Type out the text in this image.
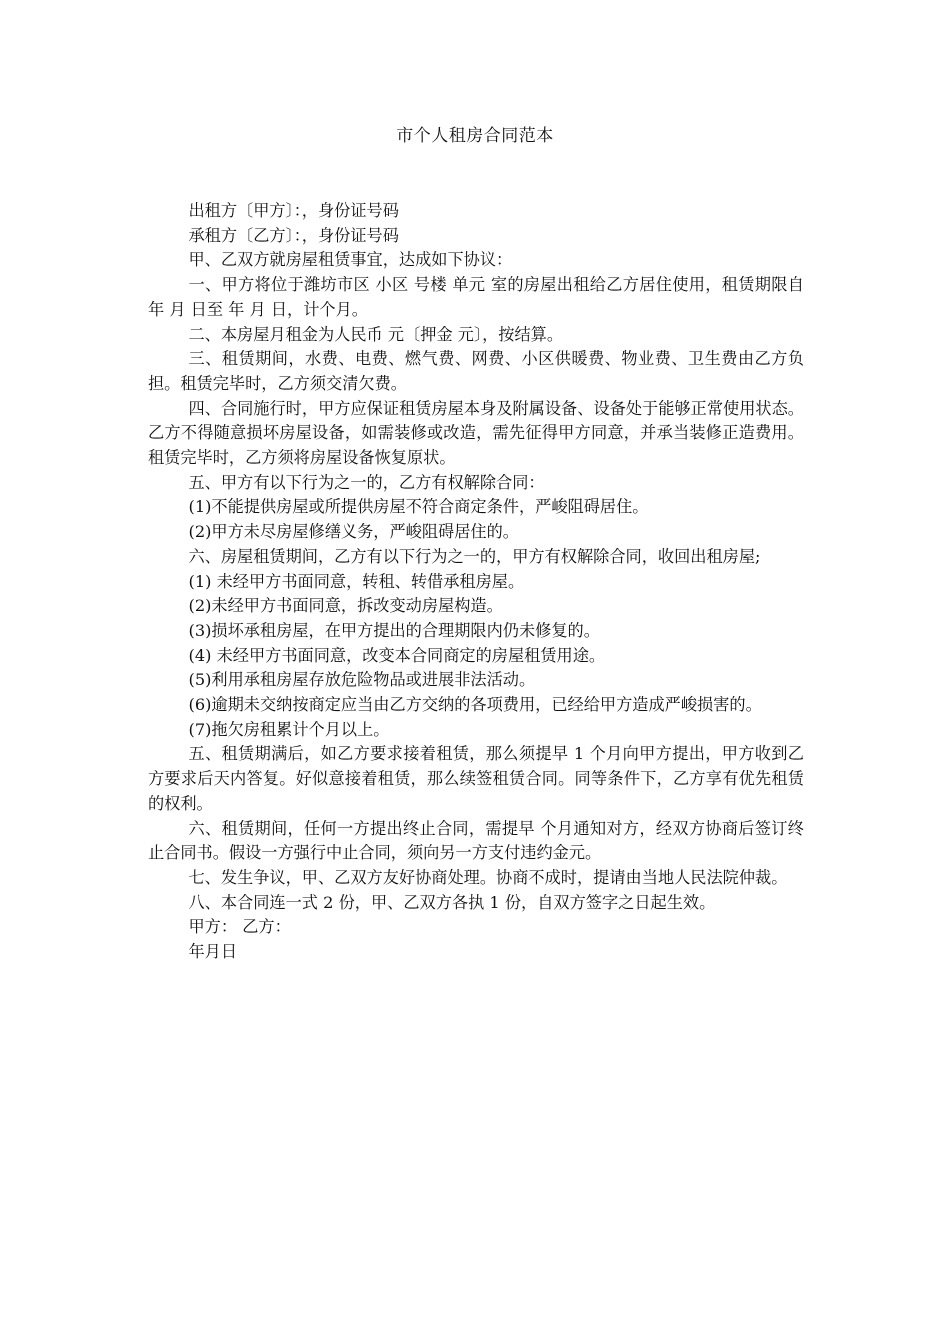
市个人租房合同范本

出租方〔甲方〕：，身份证号码

承租方〔乙方〕：，身份证号码

甲、乙双方就房屋租赁事宜，达成如下协议：

一、甲方将位于潍坊市区 小区 号楼 单元 室的房屋出租给乙方居住使用，租赁期限自 年 月 日至 年 月 日，计个月。

二、本房屋月租金为人民币 元〔押金 元〕，按结算。

三、租赁期间，水费、电费、燃气费、网费、小区供暖费、物业费、卫生费由乙方负担。租赁完毕时，乙方须交清欠费。

四、合同施行时，甲方应保证租赁房屋本身及附属设备、设备处于能够正常使用状态。乙方不得随意损坏房屋设备，如需装修或改造，需先征得甲方同意，并承当装修正造费用。租赁完毕时，乙方须将房屋设备恢复原状。

五、甲方有以下行为之一的，乙方有权解除合同：

(1)不能提供房屋或所提供房屋不符合商定条件，严峻阻碍居住。

(2)甲方未尽房屋修缮义务，严峻阻碍居住的。

六、房屋租赁期间，乙方有以下行为之一的，甲方有权解除合同，收回出租房屋;

(1) 未经甲方书面同意，转租、转借承租房屋。

(2)未经甲方书面同意，拆改变动房屋构造。

(3)损坏承租房屋，在甲方提出的合理期限内仍未修复的。

(4) 未经甲方书面同意，改变本合同商定的房屋租赁用途。

(5)利用承租房屋存放危险物品或进展非法活动。

(6)逾期未交纳按商定应当由乙方交纳的各项费用，已经给甲方造成严峻损害的。

(7)拖欠房租累计个月以上。

五、租赁期满后，如乙方要求接着租赁，那么须提早 1 个月向甲方提出，甲方收到乙方要求后天内答复。好似意接着租赁，那么续签租赁合同。同等条件下，乙方享有优先租赁的权利。

六、租赁期间，任何一方提出终止合同，需提早 个月通知对方，经双方协商后签订终止合同书。假设一方强行中止合同，须向另一方支付违约金元。

七、发生争议，甲、乙双方友好协商处理。协商不成时，提请由当地人民法院仲裁。

八、本合同连一式 2 份，甲、乙双方各执 1 份，自双方签字之日起生效。

甲方： 乙方：

年月日
